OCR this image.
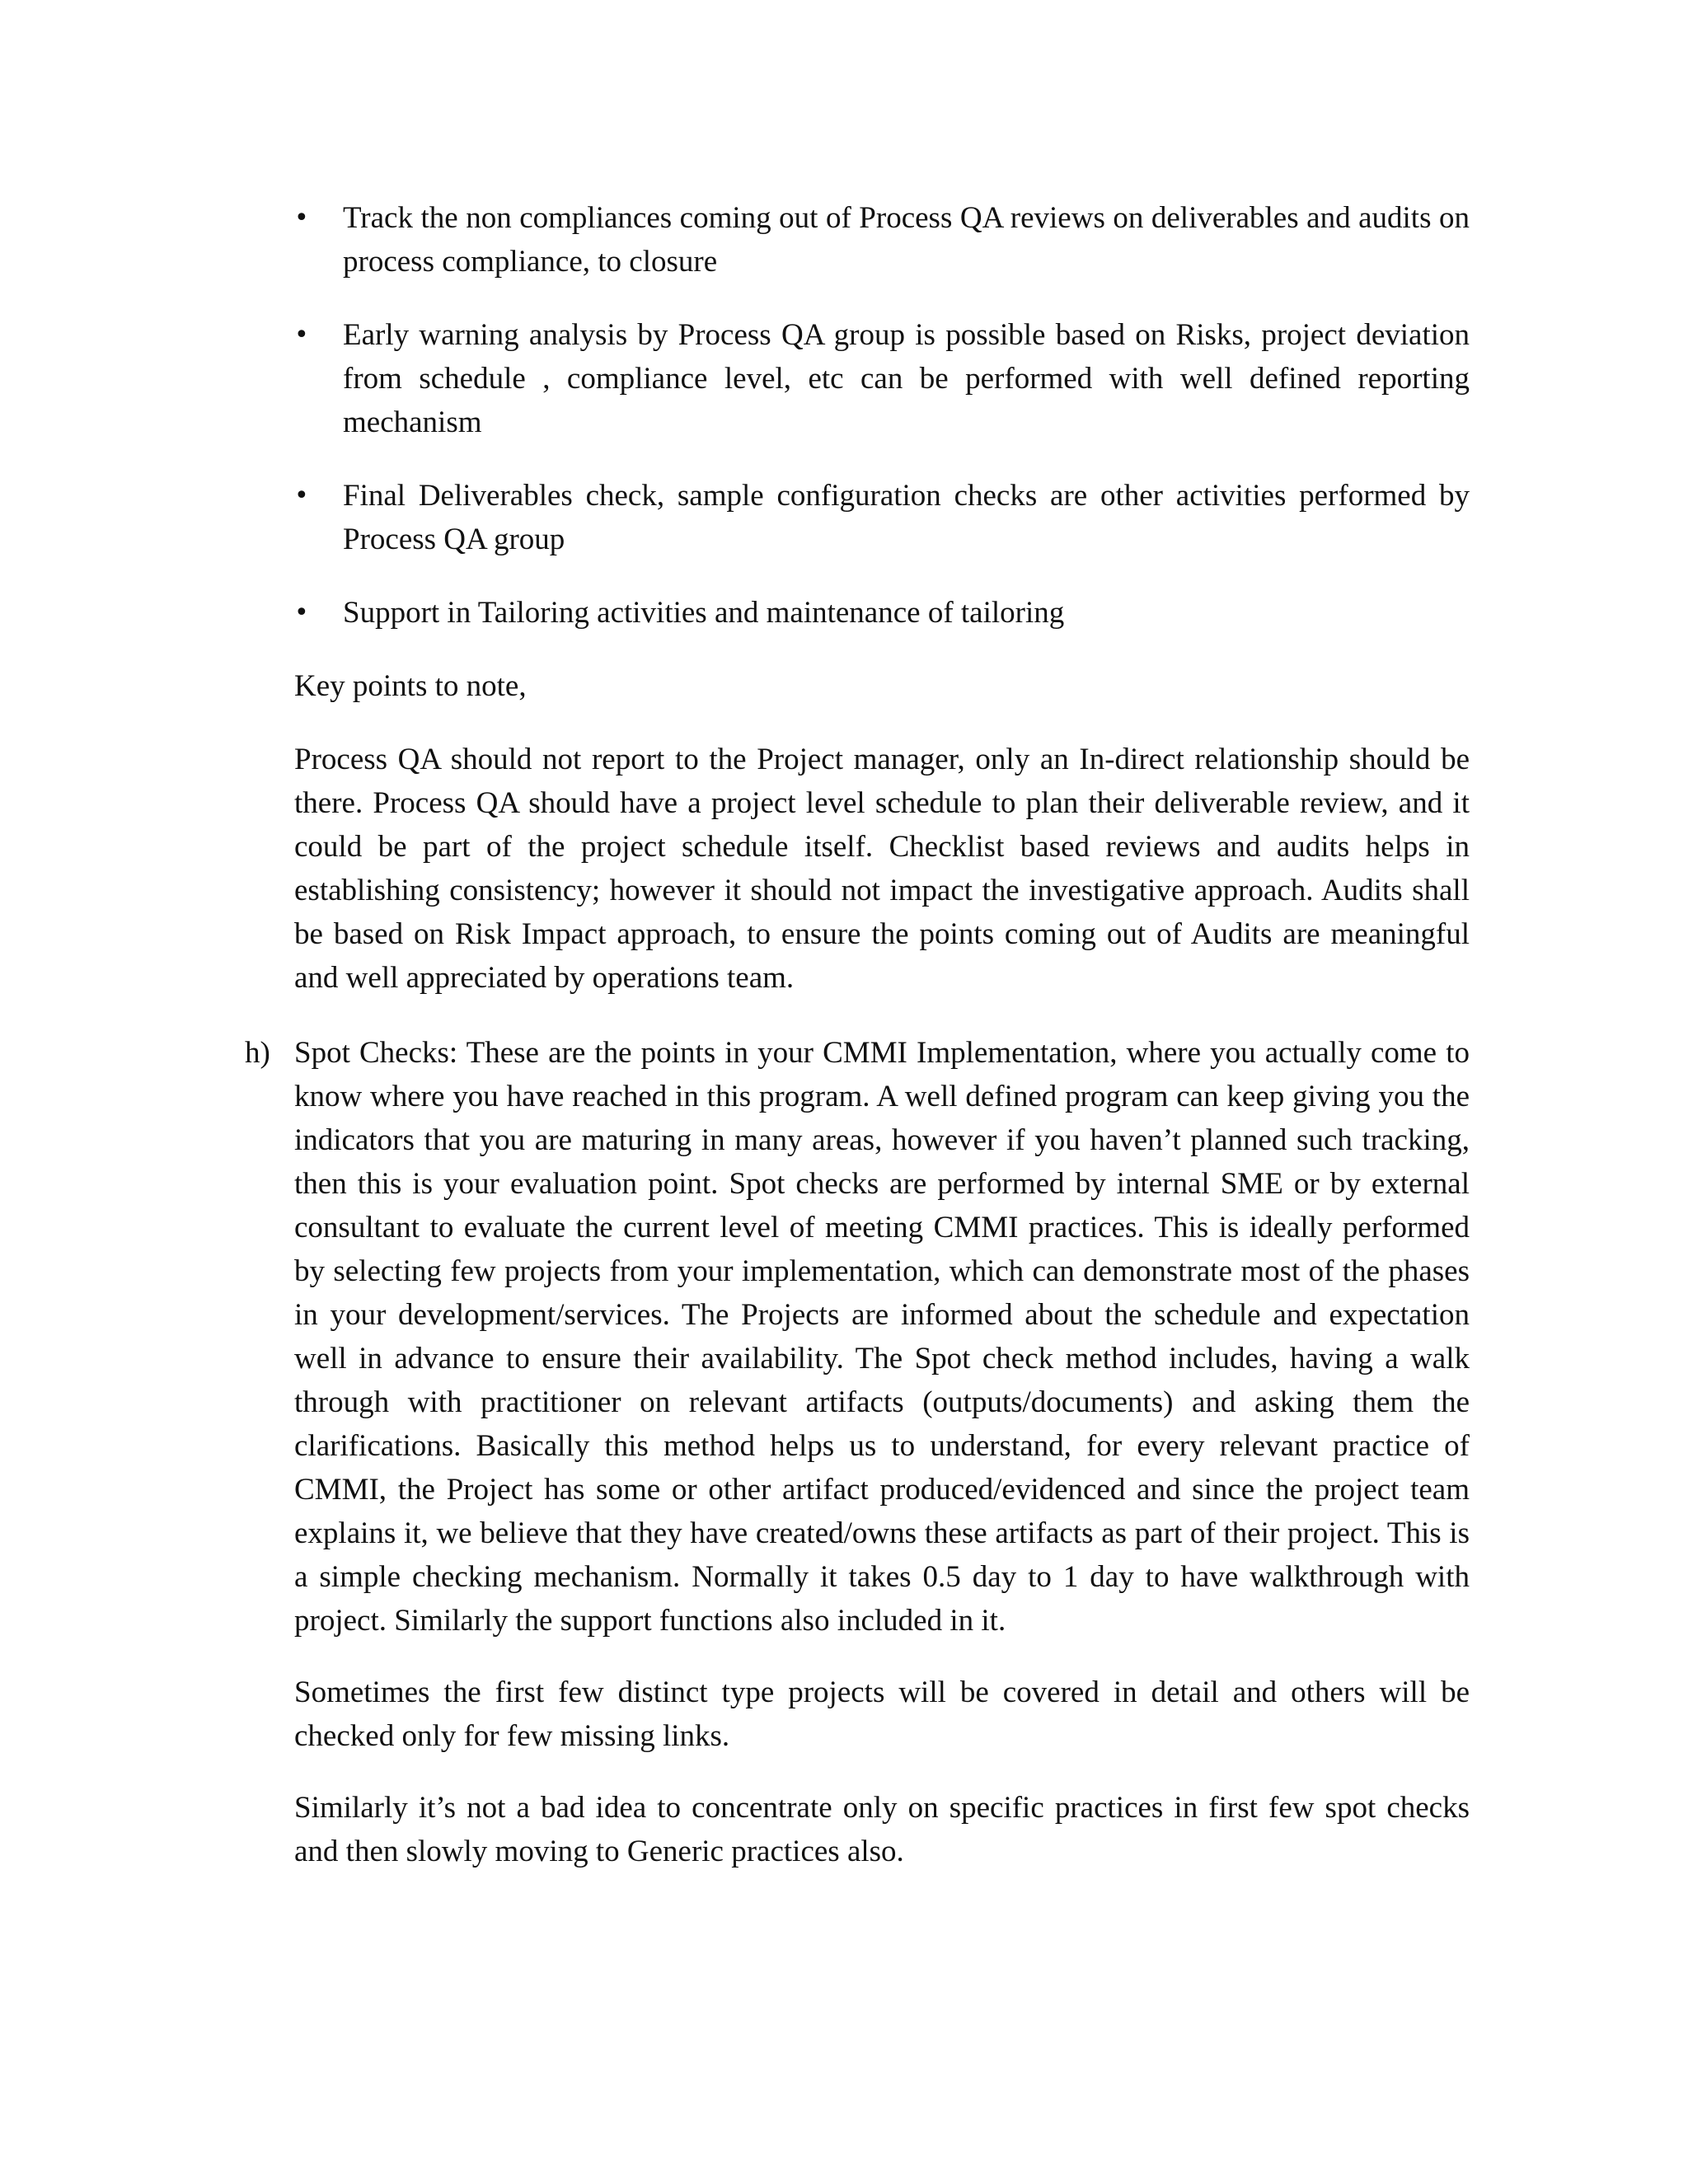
• Track the non compliances coming out of Process QA reviews on deliverables and audits on process compliance, to closure
• Early warning analysis by Process QA group is possible based on Risks, project deviation from schedule , compliance level, etc can be performed with well defined reporting mechanism
• Final Deliverables check, sample configuration checks are other activities performed by Process QA group
• Support in Tailoring activities and maintenance of tailoring

Key points to note,

Process QA should not report to the Project manager, only an In-direct relationship should be there. Process QA should have a project level schedule to plan their deliverable review, and it could be part of the project schedule itself. Checklist based reviews and audits helps in establishing consistency; however it should not impact the investigative approach. Audits shall be based on Risk Impact approach, to ensure the points coming out of Audits are meaningful and well appreciated by operations team.

h) Spot Checks: These are the points in your CMMI Implementation, where you actually come to know where you have reached in this program. A well defined program can keep giving you the indicators that you are maturing in many areas, however if you haven’t planned such tracking, then this is your evaluation point. Spot checks are performed by internal SME or by external consultant to evaluate the current level of meeting CMMI practices. This is ideally performed by selecting few projects from your implementation, which can demonstrate most of the phases in your development/services. The Projects are informed about the schedule and expectation well in advance to ensure their availability. The Spot check method includes, having a walk through with practitioner on relevant artifacts (outputs/documents) and asking them the clarifications. Basically this method helps us to understand, for every relevant practice of CMMI, the Project has some or other artifact produced/evidenced and since the project team explains it, we believe that they have created/owns these artifacts as part of their project. This is a simple checking mechanism. Normally it takes 0.5 day to 1 day to have walkthrough with project. Similarly the support functions also included in it.

Sometimes the first few distinct type projects will be covered in detail and others will be checked only for few missing links.

Similarly it’s not a bad idea to concentrate only on specific practices in first few spot checks and then slowly moving to Generic practices also.
